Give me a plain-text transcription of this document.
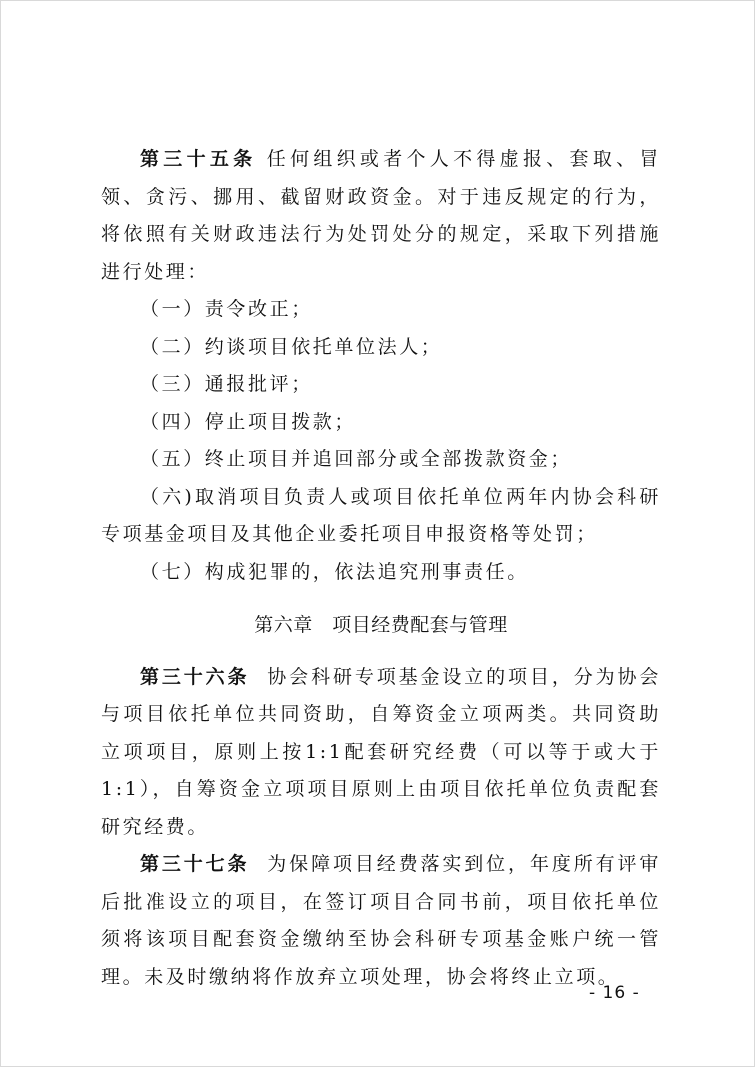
第三十五条 任何组织或者个人不得虚报、套取、冒领、贪污、挪用、截留财政资金。对于违反规定的行为，将依照有关财政违法行为处罚处分的规定，采取下列措施进行处理：

（一）责令改正；

（二）约谈项目依托单位法人；

（三）通报批评；

（四）停止项目拨款；

（五）终止项目并追回部分或全部拨款资金；

（六)取消项目负责人或项目依托单位两年内协会科研专项基金项目及其他企业委托项目申报资格等处罚；

（七）构成犯罪的，依法追究刑事责任。

第六章　项目经费配套与管理

第三十六条 协会科研专项基金设立的项目，分为协会与项目依托单位共同资助，自筹资金立项两类。共同资助立项项目，原则上按1:1配套研究经费（可以等于或大于1:1），自筹资金立项项目原则上由项目依托单位负责配套研究经费。

第三十七条 为保障项目经费落实到位，年度所有评审后批准设立的项目，在签订项目合同书前，项目依托单位须将该项目配套资金缴纳至协会科研专项基金账户统一管理。未及时缴纳将作放弃立项处理，协会将终止立项。

- 16 -
